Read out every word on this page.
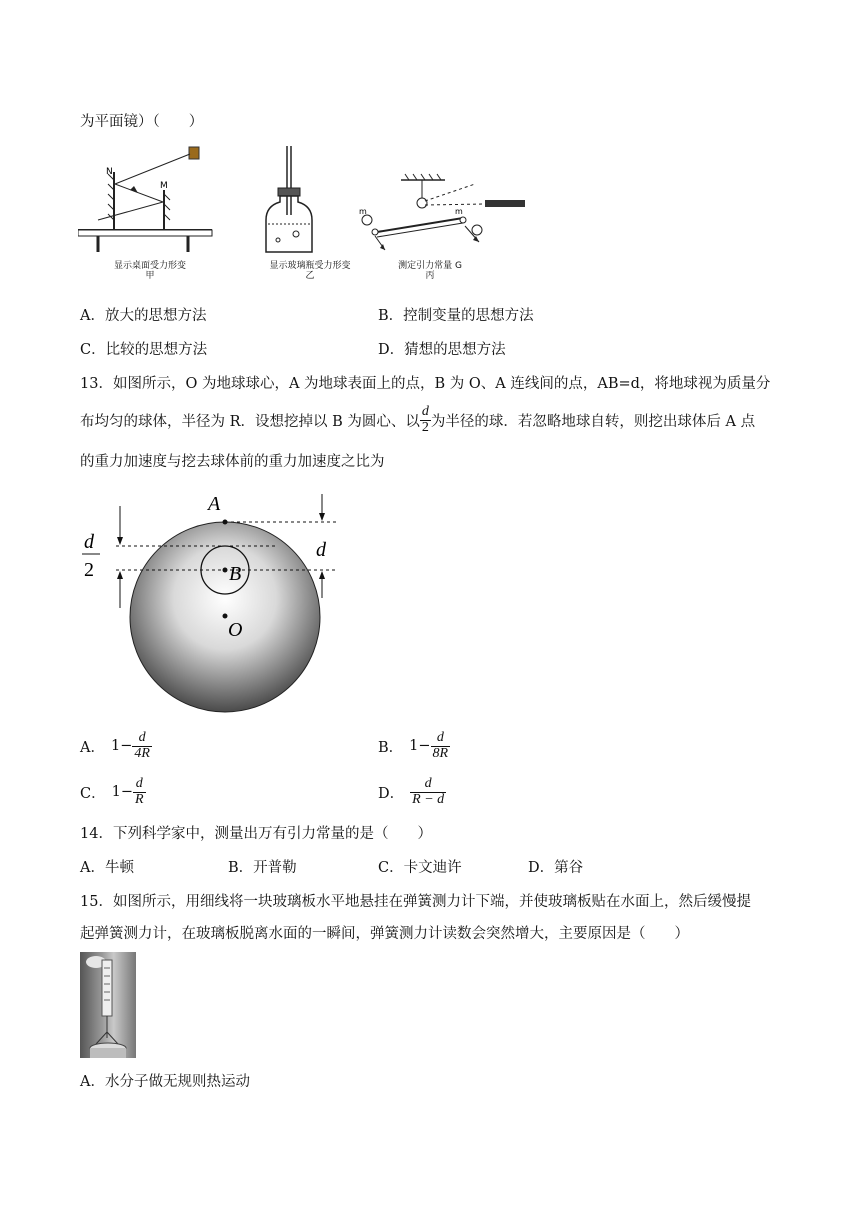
为平面镜）（　　）
N
M
显示桌面受力形变
甲
显示玻璃瓶受力形变
乙
m	m
测定引力常量 G
丙
A．放大的思想方法	B．控制变量的思想方法
C．比较的思想方法	D．猜想的思想方法
13．如图所示，O 为地球球心，A 为地球表面上的点，B 为 O、A 连线间的点，AB=d，将地球视为质量分
布均匀的球体，半径为 R．设想挖掉以 B 为圆心、以 $\frac{d}{2}$ 为半径的球．若忽略地球自转，则挖出球体后 A 点
的重力加速度与挖去球体前的重力加速度之比为
A
B
O
d
d
2
A． $1- \frac{d}{4R}$	B． $1- \frac{d}{8R}$
C． $1- \frac{d}{R}$	D． $\frac{d}{R - d}$
14．下列科学家中，测量出万有引力常量的是（　　）
A．牛顿	B．开普勒	C．卡文迪许	D．第谷
15．如图所示，用细线将一块玻璃板水平地悬挂在弹簧测力计下端，并使玻璃板贴在水面上，然后缓慢提
起弹簧测力计，在玻璃板脱离水面的一瞬间，弹簧测力计读数会突然增大，主要原因是（　　）
A．水分子做无规则热运动
